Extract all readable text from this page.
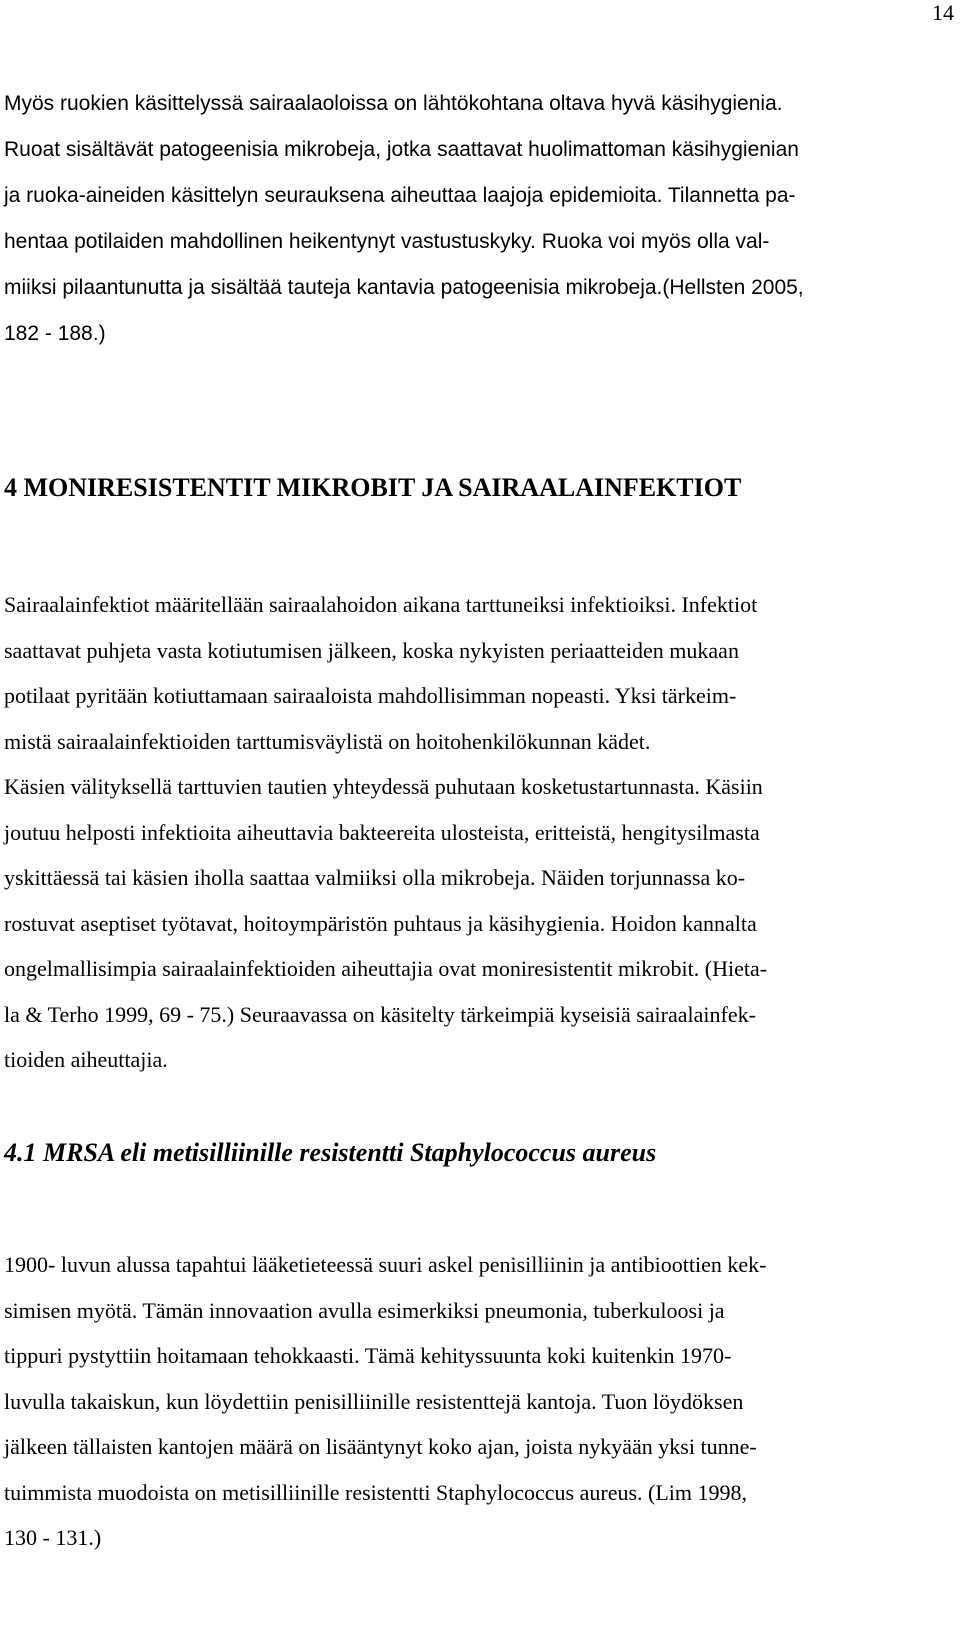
14
Myös ruokien käsittelyssä sairaalaoloissa on lähtökohtana oltava hyvä käsihygienia.
Ruoat sisältävät patogeenisia mikrobeja, jotka saattavat huolimattoman käsihygienian
ja ruoka-aineiden käsittelyn seurauksena aiheuttaa laajoja epidemioita. Tilannetta pa-
hentaa potilaiden mahdollinen heikentynyt vastustuskyky. Ruoka voi myös olla val-
miiksi pilaantunutta ja sisältää tauteja kantavia patogeenisia mikrobeja.(Hellsten 2005,
182 - 188.)
4 MONIRESISTENTIT MIKROBIT JA SAIRAALAINFEKTIOT
Sairaalainfektiot määritellään sairaalahoidon aikana tarttuneiksi infektioiksi. Infektiot
saattavat puhjeta vasta kotiutumisen jälkeen, koska nykyisten periaatteiden mukaan
potilaat pyritään kotiuttamaan sairaaloista mahdollisimman nopeasti. Yksi tärkeim-
mistä sairaalainfektioiden tarttumisväylistä on hoitohenkilökunnan kädet.
Käsien välityksellä tarttuvien tautien yhteydessä puhutaan kosketustartunnasta. Käsiin
joutuu helposti infektioita aiheuttavia bakteereita ulosteista, eritteistä, hengitysilmasta
yskittäessä tai käsien iholla saattaa valmiiksi olla mikrobeja. Näiden torjunnassa ko-
rostuvat aseptiset työtavat, hoitoympäristön puhtaus ja käsihygienia. Hoidon kannalta
ongelmallisimpia sairaalainfektioiden aiheuttajia ovat moniresistentit mikrobit. (Hieta-
la & Terho 1999, 69 - 75.) Seuraavassa on käsitelty tärkeimpiä kyseisiä sairaalainfek-
tioiden aiheuttajia.
4.1 MRSA eli metisilliinille resistentti Staphylococcus aureus
1900- luvun alussa tapahtui lääketieteessä suuri askel penisilliinin ja antibioottien kek-
simisen myötä. Tämän innovaation avulla esimerkiksi pneumonia, tuberkuloosi ja
tippuri pystyttiin hoitamaan tehokkaasti. Tämä kehityssuunta koki kuitenkin 1970-
luvulla takaiskun, kun löydettiin penisilliinille resistenttejä kantoja. Tuon löydöksen
jälkeen tällaisten kantojen määrä on lisääntynyt koko ajan, joista nykyään yksi tunne-
tuimmista muodoista on metisilliinille resistentti Staphylococcus aureus. (Lim 1998,
130 - 131.)
